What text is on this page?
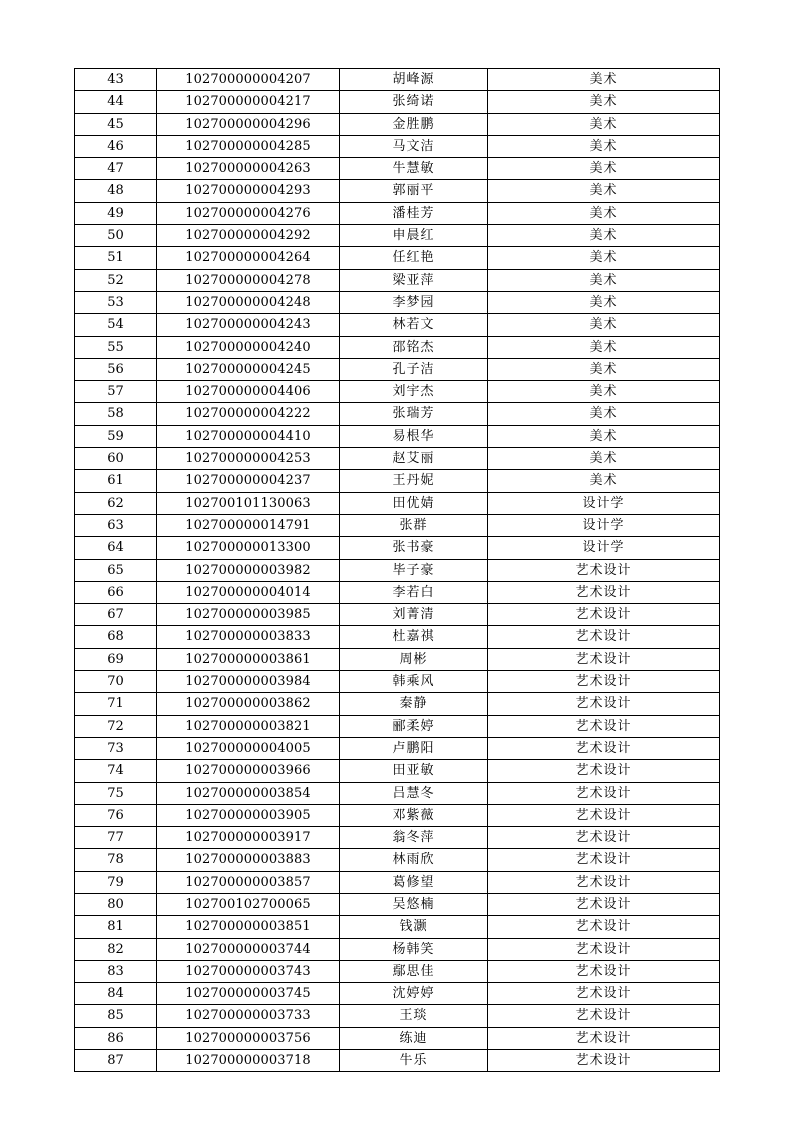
43	102700000004207	胡峰源	美术
44	102700000004217	张绮诺	美术
45	102700000004296	金胜鹏	美术
46	102700000004285	马文洁	美术
47	102700000004263	牛慧敏	美术
48	102700000004293	郭丽平	美术
49	102700000004276	潘桂芳	美术
50	102700000004292	申晨红	美术
51	102700000004264	任红艳	美术
52	102700000004278	梁亚萍	美术
53	102700000004248	李梦园	美术
54	102700000004243	林若文	美术
55	102700000004240	邵铭杰	美术
56	102700000004245	孔子洁	美术
57	102700000004406	刘宇杰	美术
58	102700000004222	张瑞芳	美术
59	102700000004410	易根华	美术
60	102700000004253	赵艾丽	美术
61	102700000004237	王丹妮	美术
62	102700101130063	田优婧	设计学
63	102700000014791	张群	设计学
64	102700000013300	张书豪	设计学
65	102700000003982	毕子豪	艺术设计
66	102700000004014	李若白	艺术设计
67	102700000003985	刘菁清	艺术设计
68	102700000003833	杜嘉祺	艺术设计
69	102700000003861	周彬	艺术设计
70	102700000003984	韩乘风	艺术设计
71	102700000003862	秦静	艺术设计
72	102700000003821	郦柔婷	艺术设计
73	102700000004005	卢鹏阳	艺术设计
74	102700000003966	田亚敏	艺术设计
75	102700000003854	吕慧冬	艺术设计
76	102700000003905	邓紫薇	艺术设计
77	102700000003917	翁冬萍	艺术设计
78	102700000003883	林雨欣	艺术设计
79	102700000003857	葛修望	艺术设计
80	102700102700065	吴悠楠	艺术设计
81	102700000003851	钱灏	艺术设计
82	102700000003744	杨韩笑	艺术设计
83	102700000003743	鄢思佳	艺术设计
84	102700000003745	沈婷婷	艺术设计
85	102700000003733	王琰	艺术设计
86	102700000003756	练迪	艺术设计
87	102700000003718	牛乐	艺术设计
